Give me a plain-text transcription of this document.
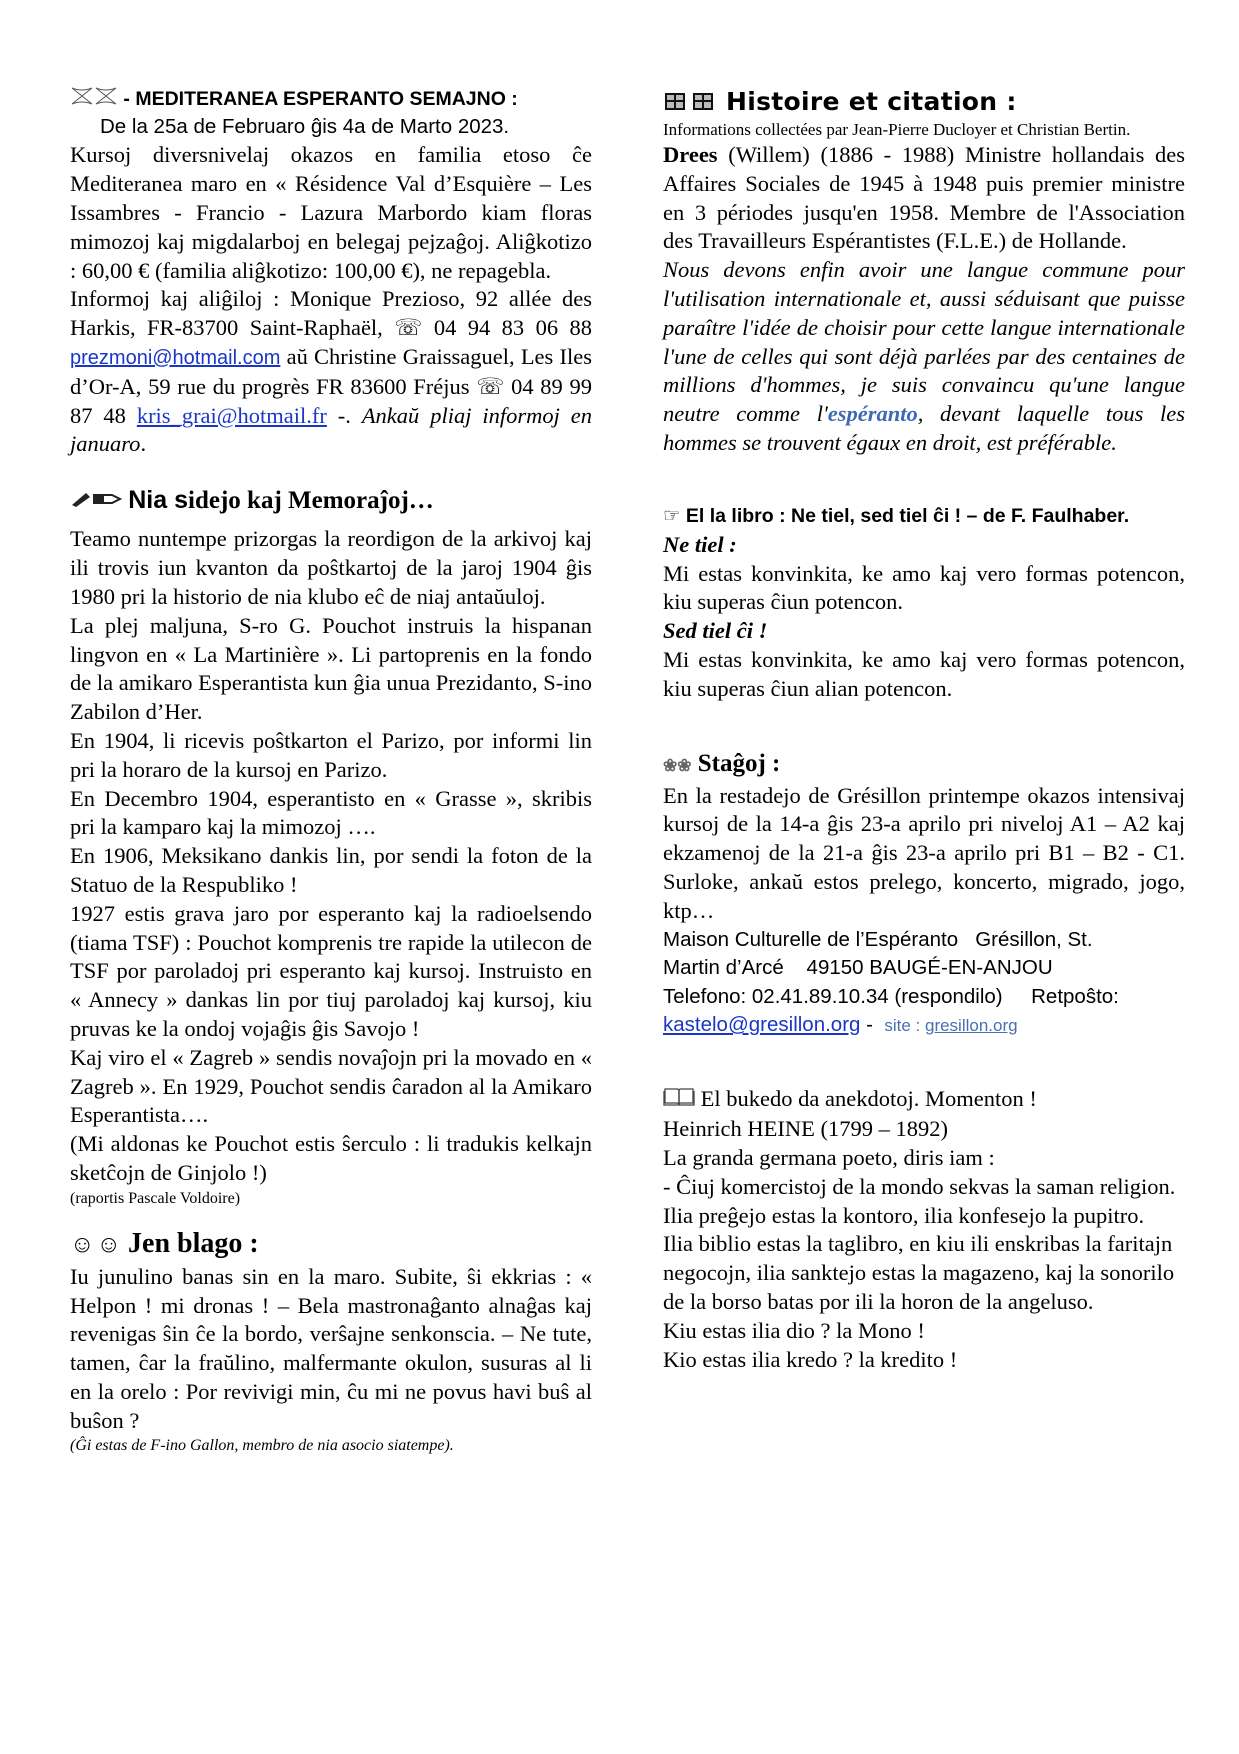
- MEDITERANEA ESPERANTO SEMAJNO :
De la 25a de Februaro ĝis 4a de Marto 2023.

Kursoj diversnivelaj okazos en familia etoso ĉe Mediteranea maro en « Résidence Val d’Esquière – Les Issambres - Francio - Lazura Marbordo kiam floras mimozoj kaj migdalarboj en belegaj pejzaĝoj. Aliĝkotizo : 60,00 € (familia aliĝkotizo: 100,00 €), ne repagebla.

Informoj kaj aliĝiloj : Monique Prezioso, 92 allée des Harkis, FR-83700 Saint-Raphaël, ☏ 04 94 83 06 88 prezmoni@hotmail.com aŭ Christine Graissaguel, Les Iles d’Or-A, 59 rue du progrès FR 83600 Fréjus ☏ 04 89 99 87 48 kris_grai@hotmail.fr -. Ankaŭ pliaj informoj en januaro.

Nia sidejo kaj Memoraĵoj…

Teamo nuntempe prizorgas la reordigon de la arkivoj kaj ili trovis iun kvanton da poŝtkartoj de la jaroj 1904 ĝis 1980 pri la historio de nia klubo eĉ de niaj antaŭuloj.

La plej maljuna, S-ro G. Pouchot instruis la hispanan lingvon en « La Martinière ». Li partoprenis en la fondo de la amikaro Esperantista kun ĝia unua Prezidanto, S-ino Zabilon d’Her.

En 1904, li ricevis poŝtkarton el Parizo, por informi lin pri la horaro de la kursoj en Parizo.

En Decembro 1904, esperantisto en « Grasse », skribis pri la kamparo kaj la mimozoj ….

En 1906, Meksikano dankis lin, por sendi la foton de la Statuo de la Respubliko !

1927 estis grava jaro por esperanto kaj la radioelsendo (tiama TSF) : Pouchot komprenis tre rapide la utilecon de TSF por paroladoj pri esperanto kaj kursoj. Instruisto en « Annecy » dankas lin por tiuj paroladoj kaj kursoj, kiu pruvas ke la ondoj vojaĝis ĝis Savojo !

Kaj viro el « Zagreb » sendis novaĵojn pri la movado en « Zagreb ». En 1929, Pouchot sendis ĉaradon al la Amikaro Esperantista….

(Mi aldonas ke Pouchot estis ŝerculo : li tradukis kelkajn sketĉojn de Ginjolo !)

(raportis Pascale Voldoire)

☺ ☺ Jen blago :

Iu junulino banas sin en la maro. Subite, ŝi ekkrias : « Helpon ! mi dronas ! – Bela mastronaĝanto alnaĝas kaj revenigas ŝin ĉe la bordo, verŝajne senkonscia. – Ne tute, tamen, ĉar la fraŭlino, malfermante okulon, susuras al li en la orelo : Por revivigi min, ĉu mi ne povus havi buŝ al buŝon ?

(Ĝi estas de F-ino Gallon, membro de nia asocio siatempe).

Histoire et citation :

Informations collectées par Jean-Pierre Ducloyer et Christian Bertin.

Drees (Willem) (1886 - 1988) Ministre hollandais des Affaires Sociales de 1945 à 1948 puis premier ministre en 3 périodes jusqu'en 1958. Membre de l'Association des Travailleurs Espérantistes (F.L.E.) de Hollande.

Nous devons enfin avoir une langue commune pour l'utilisation internationale et, aussi séduisant que puisse paraître l'idée de choisir pour cette langue internationale l'une de celles qui sont déjà parlées par des centaines de millions d'hommes, je suis convaincu qu'une langue neutre comme l'espéranto, devant laquelle tous les hommes se trouvent égaux en droit, est préférable.

☞ El la libro : Ne tiel, sed tiel ĉi ! – de F. Faulhaber.

Ne tiel :

Mi estas konvinkita, ke amo kaj vero formas potencon, kiu superas ĉiun potencon.

Sed tiel ĉi !

Mi estas konvinkita, ke amo kaj vero formas potencon, kiu superas ĉiun alian potencon.

❀❀ Staĝoj :

En la restadejo de Grésillon printempe okazos intensivaj kursoj de la 14-a ĝis 23-a aprilo pri niveloj A1 – A2 kaj ekzamenoj de la 21-a ĝis 23-a aprilo pri B1 – B2 - C1. Surloke, ankaŭ estos prelego, koncerto, migrado, jogo, ktp…

Maison Culturelle de l’Espéranto   Grésillon, St.

Martin d’Arcé    49150 BAUGÉ-EN-ANJOU

Telefono: 02.41.89.10.34 (respondilo)     Retpoŝto:

kastelo@gresillon.org -  site : gresillon.org

El bukedo da anekdotoj. Momenton !

Heinrich HEINE (1799 – 1892)

La granda germana poeto, diris iam :

- Ĉiuj komercistoj de la mondo sekvas la saman religion.

Ilia preĝejo estas la kontoro, ilia konfesejo la pupitro.

Ilia biblio estas la taglibro, en kiu ili enskribas la faritajn negocojn, ilia sanktejo estas la magazeno, kaj la sonorilo de la borso batas por ili la horon de la angeluso.

Kiu estas ilia dio ? la Mono !

Kio estas ilia kredo ? la kredito !
